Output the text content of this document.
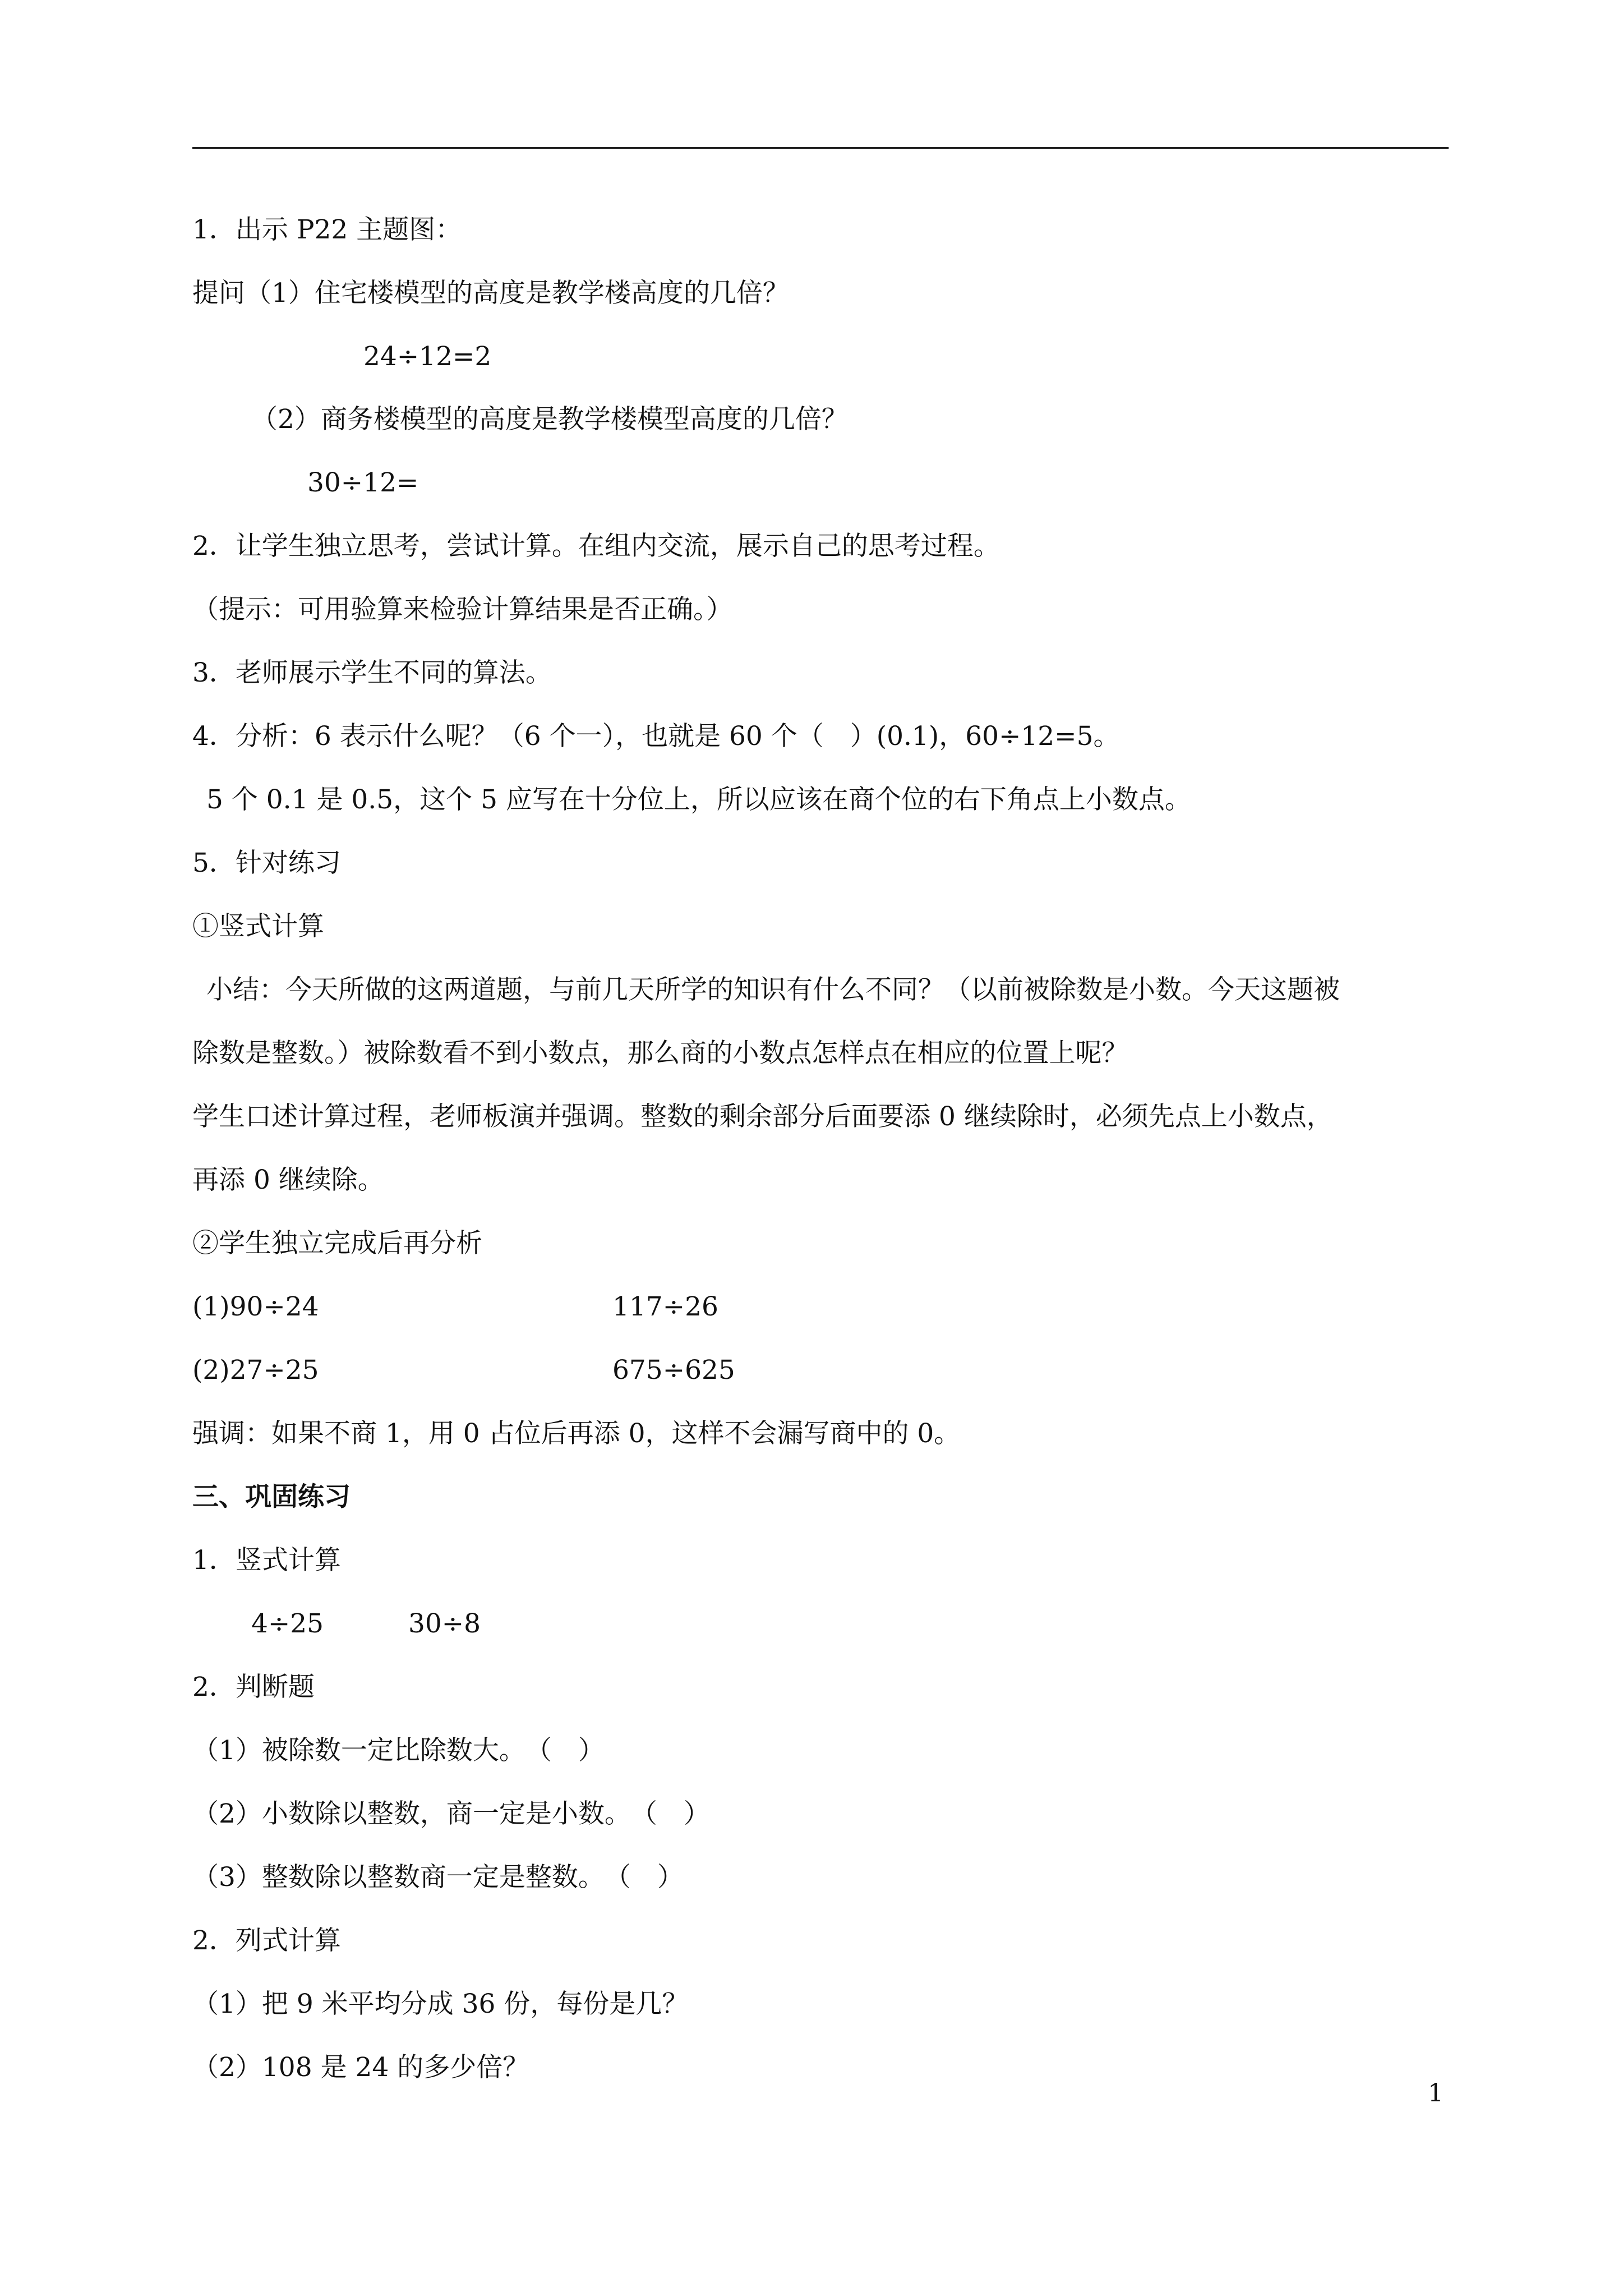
1．出示 P22 主题图：
提问（1）住宅楼模型的高度是教学楼高度的几倍？
24÷12=2
（2）商务楼模型的高度是教学楼模型高度的几倍？
30÷12=
2．让学生独立思考，尝试计算。在组内交流，展示自己的思考过程。
（提示：可用验算来检验计算结果是否正确。）
3．老师展示学生不同的算法。
4．分析：6 表示什么呢？（6 个一），也就是 60 个（　）(0.1)，60÷12=5。
5 个 0.1 是 0.5，这个 5 应写在十分位上，所以应该在商个位的右下角点上小数点。
5．针对练习
①竖式计算
小结：今天所做的这两道题，与前几天所学的知识有什么不同？（以前被除数是小数。今天这题被
除数是整数。）被除数看不到小数点，那么商的小数点怎样点在相应的位置上呢？
学生口述计算过程，老师板演并强调。整数的剩余部分后面要添 0 继续除时，必须先点上小数点，
再添 0 继续除。
②学生独立完成后再分析
(1)90÷24	117÷26
(2)27÷25	675÷625
强调：如果不商 1，用 0 占位后再添 0，这样不会漏写商中的 0。
三、巩固练习
1．竖式计算
4÷25	30÷8
2．判断题
（1）被除数一定比除数大。　（　）
（2）小数除以整数，商一定是小数。　（　）
（3）整数除以整数商一定是整数。　（　）
2．列式计算
（1）把 9 米平均分成 36 份，每份是几？
（2）108 是 24 的多少倍？
1
